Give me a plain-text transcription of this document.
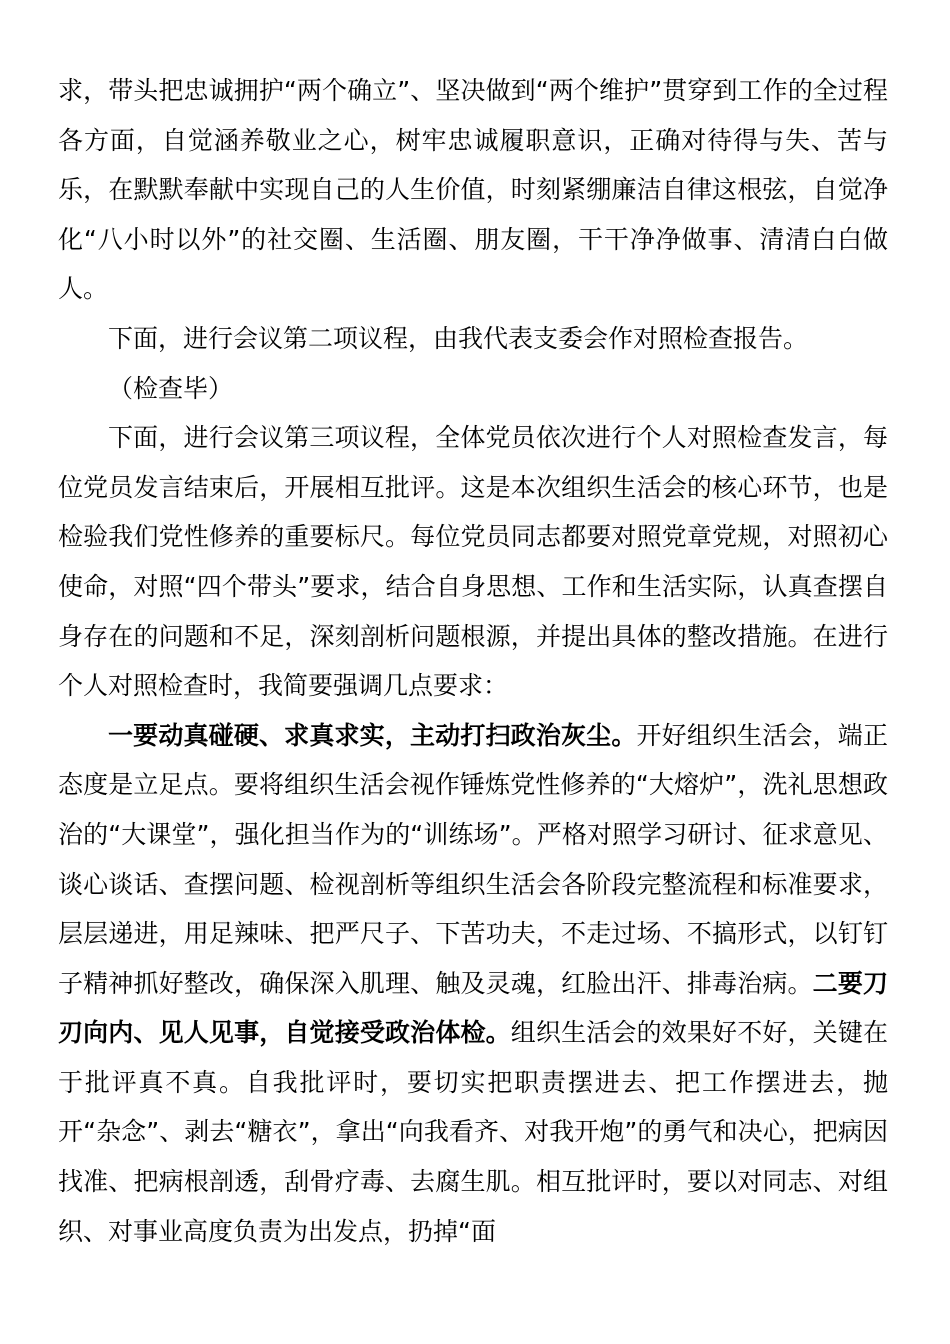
求，带头把忠诚拥护“两个确立”、坚决做到“两个维护”贯穿到工作的全过程各方面，自觉涵养敬业之心，树牢忠诚履职意识，正确对待得与失、苦与乐，在默默奉献中实现自己的人生价值，时刻紧绷廉洁自律这根弦，自觉净化“八小时以外”的社交圈、生活圈、朋友圈，干干净净做事、清清白白做人。

下面，进行会议第二项议程，由我代表支委会作对照检查报告。

（检查毕）

下面，进行会议第三项议程，全体党员依次进行个人对照检查发言，每位党员发言结束后，开展相互批评。这是本次组织生活会的核心环节，也是检验我们党性修养的重要标尺。每位党员同志都要对照党章党规，对照初心使命，对照“四个带头”要求，结合自身思想、工作和生活实际，认真查摆自身存在的问题和不足，深刻剖析问题根源，并提出具体的整改措施。在进行个人对照检查时，我简要强调几点要求：

一要动真碰硬、求真求实，主动打扫政治灰尘。开好组织生活会，端正态度是立足点。要将组织生活会视作锤炼党性修养的“大熔炉”，洗礼思想政治的“大课堂”，强化担当作为的“训练场”。严格对照学习研讨、征求意见、谈心谈话、查摆问题、检视剖析等组织生活会各阶段完整流程和标准要求，层层递进，用足辣味、把严尺子、下苦功夫，不走过场、不搞形式，以钉钉子精神抓好整改，确保深入肌理、触及灵魂，红脸出汗、排毒治病。二要刀刃向内、见人见事，自觉接受政治体检。组织生活会的效果好不好，关键在于批评真不真。自我批评时，要切实把职责摆进去、把工作摆进去，抛开“杂念”、剥去“糖衣”，拿出“向我看齐、对我开炮”的勇气和决心，把病因找准、把病根剖透，刮骨疗毒、去腐生肌。相互批评时，要以对同志、对组织、对事业高度负责为出发点，扔掉“面
